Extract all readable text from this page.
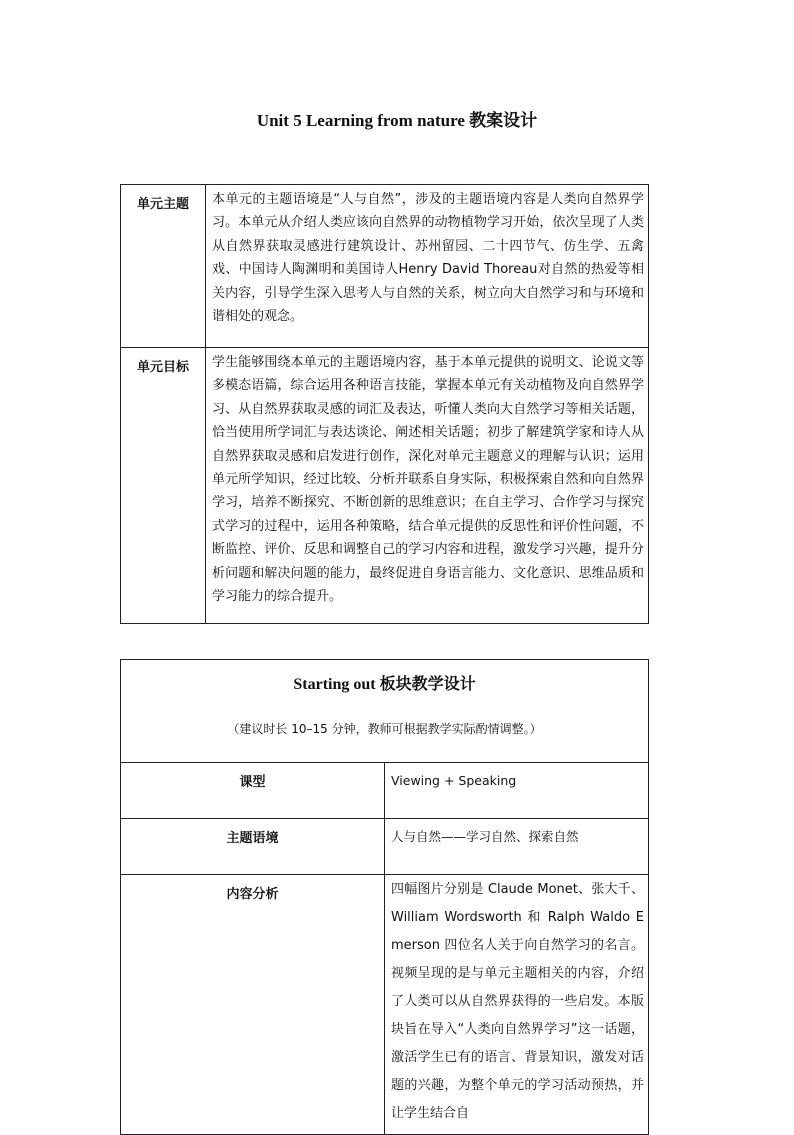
Unit 5 Learning from nature 教案设计
单元主题	本单元的主题语境是“人与自然”，涉及的主题语境内容是人类向自然界学习。本单元从介绍人类应该向自然界的动物植物学习开始，依次呈现了人类从自然界获取灵感进行建筑设计、苏州留园、二十四节气、仿生学、五禽戏、中国诗人陶渊明和美国诗人Henry David Thoreau对自然的热爱等相关内容，引导学生深入思考人与自然的关系，树立向大自然学习和与环境和谐相处的观念。
单元目标	学生能够围绕本单元的主题语境内容，基于本单元提供的说明文、论说文等多模态语篇，综合运用各种语言技能，掌握本单元有关动植物及向自然界学习、从自然界获取灵感的词汇及表达，听懂人类向大自然学习等相关话题，恰当使用所学词汇与表达谈论、阐述相关话题；初步了解建筑学家和诗人从自然界获取灵感和启发进行创作，深化对单元主题意义的理解与认识；运用单元所学知识，经过比较、分析并联系自身实际，积极探索自然和向自然界学习，培养不断探究、不断创新的思维意识；在自主学习、合作学习与探究式学习的过程中，运用各种策略，结合单元提供的反思性和评价性问题，不断监控、评价、反思和调整自己的学习内容和进程，激发学习兴趣，提升分析问题和解决问题的能力，最终促进自身语言能力、文化意识、思维品质和学习能力的综合提升。
Starting out 板块教学设计
（建议时长 10–15 分钟，教师可根据教学实际酌情调整。）	

课型	Viewing + Speaking
主题语境	人与自然——学习自然、探索自然
内容分析	四幅图片分别是 Claude Monet、张大千、William Wordsworth 和 Ralph Waldo Emerson 四位名人关于向自然学习的名言。视频呈现的是与单元主题相关的内容，介绍了人类可以从自然界获得的一些启发。本版块旨在导入“人类向自然界学习”这一话题，激活学生已有的语言、背景知识，激发对话题的兴趣，为整个单元的学习活动预热，并让学生结合自
